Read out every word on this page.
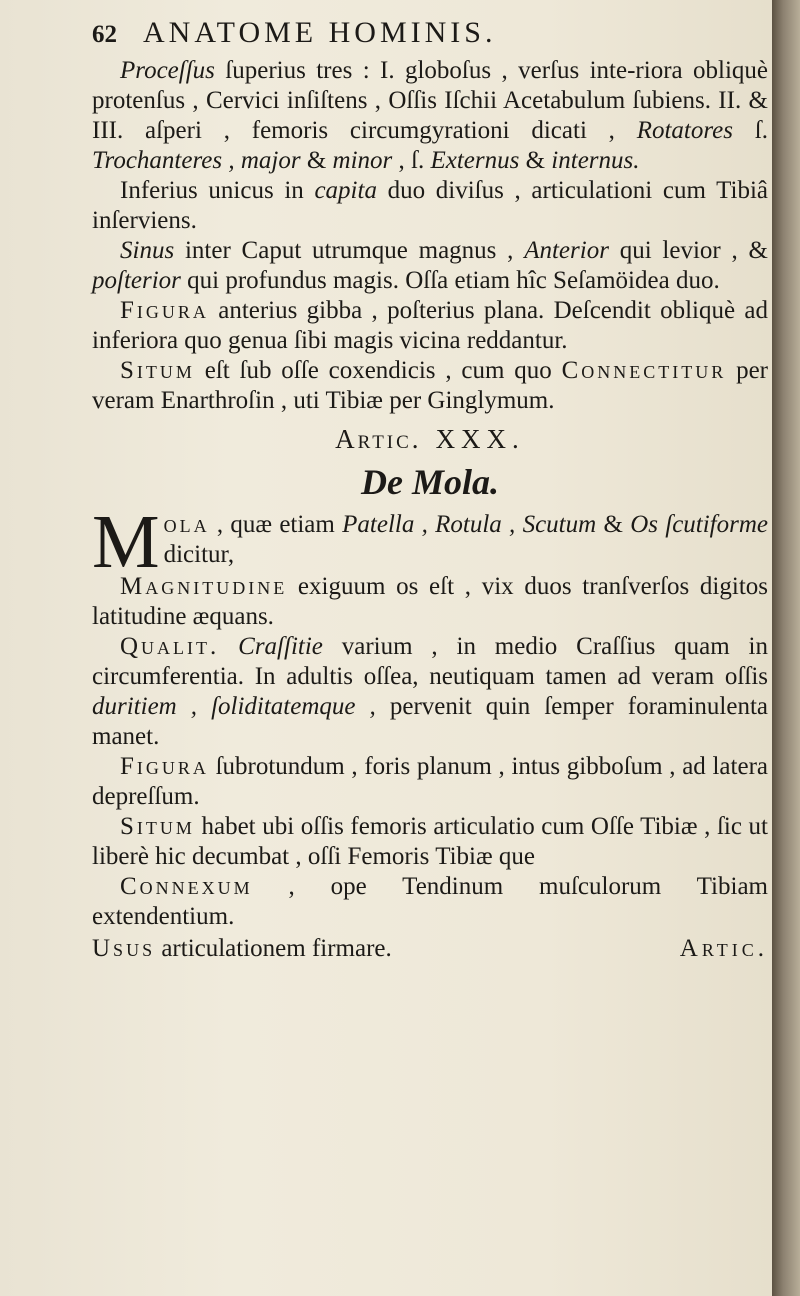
62 ANATOME HOMINIS.

Proceſſus ſuperius tres : I. globoſus , verſus inte-riora obliquè protenſus , Cervici inſiſtens , Oſſis Iſchii Acetabulum ſubiens. II. & III. aſperi , femoris circumgyrationi dicati , Rotatores ſ. Trochanteres , major & minor , ſ. Externus & internus.

Inferius unicus in capita duo diviſus , articulationi cum Tibiâ inſerviens.

Sinus inter Caput utrumque magnus , Anterior qui levior , & poſterior qui profundus magis. Oſſa etiam hîc Seſamöidea duo.

Figura anterius gibba , poſterius plana. Deſcendit obliquè ad inferiora quo genua ſibi magis vicina reddantur.

Situm eſt ſub oſſe coxendicis , cum quo Connectitur per veram Enarthroſin , uti Tibiæ per Ginglymum.

Artic. XXX.
De Mola.
M ola , quæ etiam Patella , Rotula , Scutum & Os ſcutiforme dicitur,

Magnitudine exiguum os eſt , vix duos tranſverſos digitos latitudine æquans.

Qualit. Craſſitie varium , in medio Craſſius quam in circumferentia. In adultis oſſea, neutiquam tamen ad veram oſſis duritiem , ſoliditatemque , pervenit quin ſemper foraminulenta manet.

Figura ſubrotundum , foris planum , intus gibboſum , ad latera depreſſum.

Situm habet ubi oſſis femoris articulatio cum Oſſe Tibiæ , ſic ut liberè hic decumbat , oſſi Femoris Tibiæ que

Connexum , ope Tendinum muſculorum Tibiam extendentium.

Usus articulationem firmare.	Artic.
